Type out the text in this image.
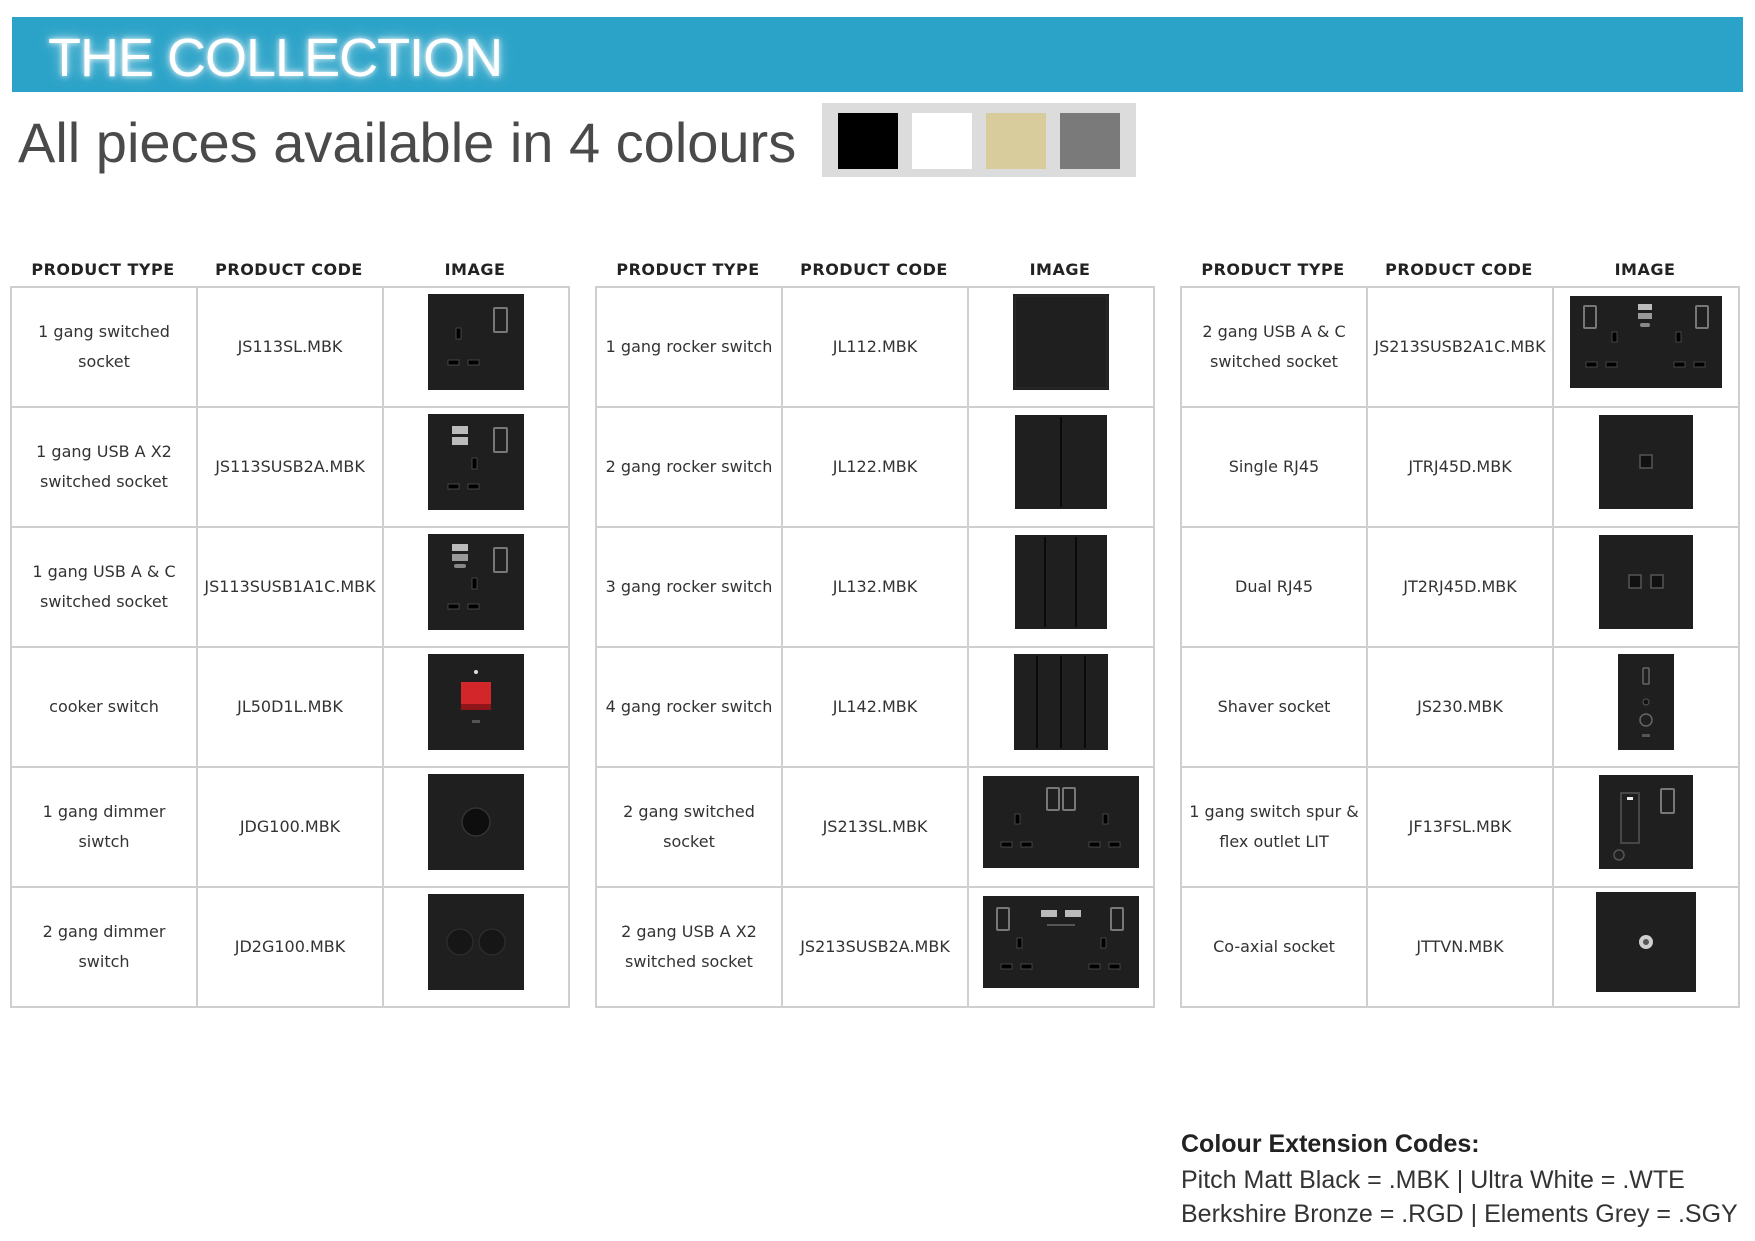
THE COLLECTION
All pieces available in 4 colours
PRODUCT TYPE	PRODUCT CODE	IMAGE
1 gang switched socket	JS113SL.MBK	
1 gang USB A X2 switched socket	JS113SUSB2A.MBK	
1 gang USB A & C switched socket	JS113SUSB1A1C.MBK	
cooker switch	JL50D1L.MBK	
1 gang dimmer siwtch	JDG100.MBK	
2 gang dimmer switch	JD2G100.MBK	
PRODUCT TYPE	PRODUCT CODE	IMAGE
1 gang rocker switch	JL112.MBK	
2 gang rocker switch	JL122.MBK	
3 gang rocker switch	JL132.MBK	
4 gang rocker switch	JL142.MBK	
2 gang switched socket	JS213SL.MBK	
2 gang USB A X2 switched socket	JS213SUSB2A.MBK	
PRODUCT TYPE	PRODUCT CODE	IMAGE
2 gang USB A & C switched socket	JS213SUSB2A1C.MBK	
Single RJ45	JTRJ45D.MBK	
Dual RJ45	JT2RJ45D.MBK	
Shaver socket	JS230.MBK	
1 gang switch spur & flex outlet LIT	JF13FSL.MBK	
Co-axial socket	JTTVN.MBK	
Colour Extension Codes:
Pitch Matt Black = .MBK | Ultra White = .WTE
Berkshire Bronze = .RGD | Elements Grey = .SGY
